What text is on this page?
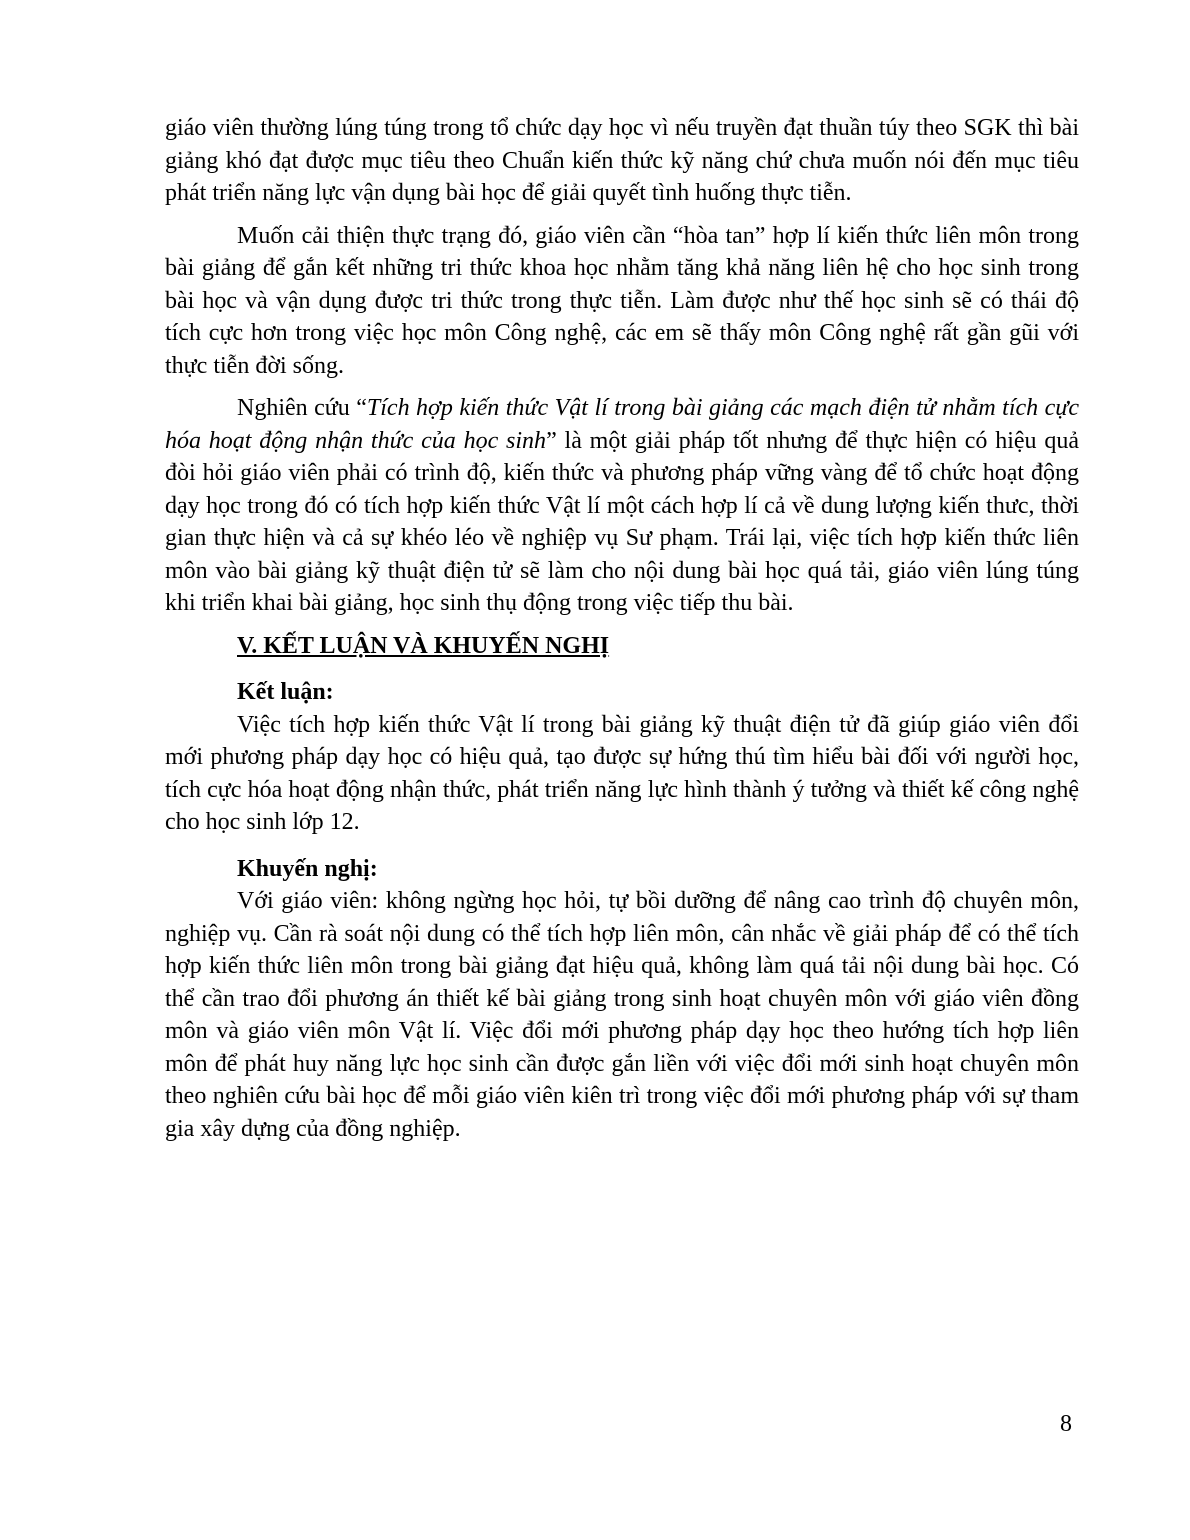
giáo viên thường lúng túng trong tổ chức dạy học vì nếu truyền đạt thuần túy theo SGK thì bài giảng khó đạt được mục tiêu theo Chuẩn kiến thức kỹ năng chứ chưa muốn nói đến mục tiêu phát triển năng lực vận dụng bài học để giải quyết tình huống thực tiễn.

Muốn cải thiện thực trạng đó, giáo viên cần “hòa tan” hợp lí kiến thức liên môn trong bài giảng để gắn kết những tri thức khoa học nhằm tăng khả năng liên hệ cho học sinh trong bài học và vận dụng được tri thức trong thực tiễn. Làm được như thế học sinh sẽ có thái độ tích cực hơn trong việc học môn Công nghệ, các em sẽ thấy môn Công nghệ rất gần gũi với thực tiễn đời sống.

Nghiên cứu “Tích hợp kiến thức Vật lí trong bài giảng các mạch điện tử nhằm tích cực hóa hoạt động nhận thức của học sinh” là một giải pháp tốt nhưng để thực hiện có hiệu quả đòi hỏi giáo viên phải có trình độ, kiến thức và phương pháp vững vàng để tổ chức hoạt động dạy học trong đó có tích hợp kiến thức Vật lí một cách hợp lí cả về dung lượng kiến thưc, thời gian thực hiện và cả sự khéo léo về nghiệp vụ Sư phạm. Trái lại, việc tích hợp kiến thức liên môn vào bài giảng kỹ thuật điện tử sẽ làm cho nội dung bài học quá tải, giáo viên lúng túng khi triển khai bài giảng, học sinh thụ động trong việc tiếp thu bài.

V. KẾT LUẬN VÀ KHUYẾN NGHỊ
Kết luận:

Việc tích hợp kiến thức Vật lí trong bài giảng kỹ thuật điện tử đã giúp giáo viên đổi mới phương pháp dạy học có hiệu quả, tạo được sự hứng thú tìm hiểu bài đối với người học, tích cực hóa hoạt động nhận thức, phát triển năng lực hình thành ý tưởng và thiết kế công nghệ cho học sinh lớp 12.

Khuyến nghị:

Với giáo viên: không ngừng học hỏi, tự bồi dưỡng để nâng cao trình độ chuyên môn, nghiệp vụ. Cần rà soát nội dung có thể tích hợp liên môn, cân nhắc về giải pháp để có thể tích hợp kiến thức liên môn trong bài giảng đạt hiệu quả, không làm quá tải nội dung bài học. Có thể cần trao đổi phương án thiết kế bài giảng trong sinh hoạt chuyên môn với giáo viên đồng môn và giáo viên môn Vật lí. Việc đổi mới phương pháp dạy học theo hướng tích hợp liên môn để phát huy năng lực học sinh cần được gắn liền với việc đổi mới sinh hoạt chuyên môn theo nghiên cứu bài học để mỗi giáo viên kiên trì trong việc đổi mới phương pháp với sự tham gia xây dựng của đồng nghiệp.

8
